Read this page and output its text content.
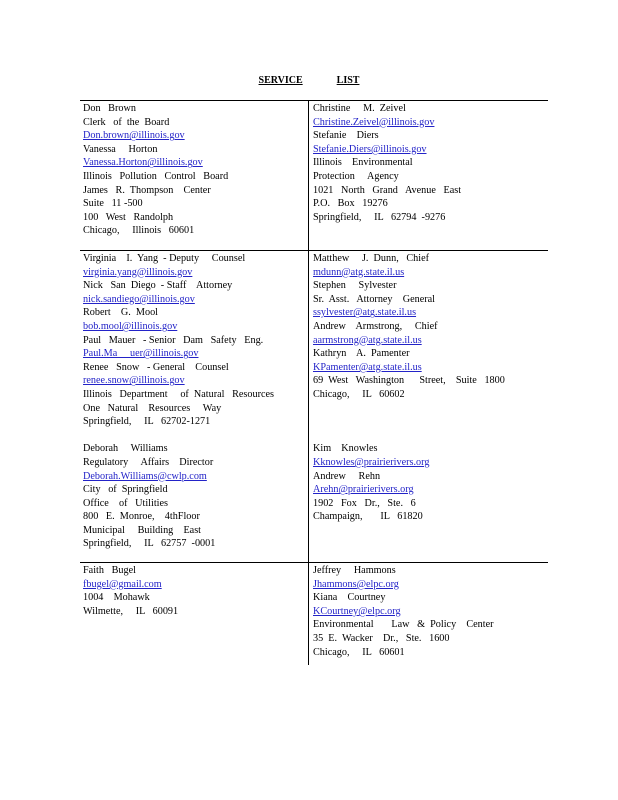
SERVICE	LIST
Don   Brown
Clerk   of  the  Board
Don.brown@illinois.gov
Vanessa     Horton
Vanessa.Horton@illinois.gov
Illinois   Pollution   Control   Board
James   R.  Thompson    Center
Suite   11 -500
100   West   Randolph
Chicago,     Illinois   60601
Christine     M.  Zeivel
Christine.Zeivel@illinois.gov
Stefanie    Diers
Stefanie.Diers@illinois.gov
Illinois    Environmental
Protection     Agency
1021   North   Grand   Avenue   East
P.O.   Box   19276
Springfield,     IL   62794  -9276
Virginia    I.  Yang  - Deputy     Counsel
virginia.yang@illinois.gov
Nick   San  Diego  - Staff    Attorney
nick.sandiego@illinois.gov
Robert    G.  Mool
bob.mool@illinois.gov
Paul   Mauer   - Senior   Dam   Safety   Eng.
Paul.Ma     uer@illinois.gov
Renee   Snow   - General    Counsel
renee.snow@illinois.gov
Illinois   Department     of  Natural   Resources
One   Natural    Resources     Way
Springfield,     IL   62702-1271
Deborah     Williams
Regulatory     Affairs    Director
Deborah.Williams@cwlp.com
City   of  Springfield
Office    of   Utilities
800   E.  Monroe,    4thFloor
Municipal     Building    East
Springfield,     IL   62757  -0001
Matthew     J.  Dunn,   Chief
mdunn@atg.state.il.us
Stephen     Sylvester
Sr.  Asst.   Attorney    General
ssylvester@atg.state.il.us
Andrew    Armstrong,     Chief
aarmstrong@atg.state.il.us
Kathryn    A.  Pamenter
KPamenter@atg.state.il.us
69  West   Washington      Street,    Suite   1800
Chicago,     IL   60602
Kim    Knowles
Kknowles@prairierivers.org
Andrew     Rehn
Arehn@prairierivers.org
1902   Fox   Dr.,   Ste.   6
Champaign,       IL   61820
Faith   Bugel
fbugel@gmail.com
1004    Mohawk
Wilmette,     IL   60091
Jeffrey     Hammons
Jhammons@elpc.org
Kiana    Courtney
KCourtney@elpc.org
Environmental       Law   &  Policy    Center
35  E.  Wacker    Dr.,   Ste.   1600
Chicago,     IL   60601
